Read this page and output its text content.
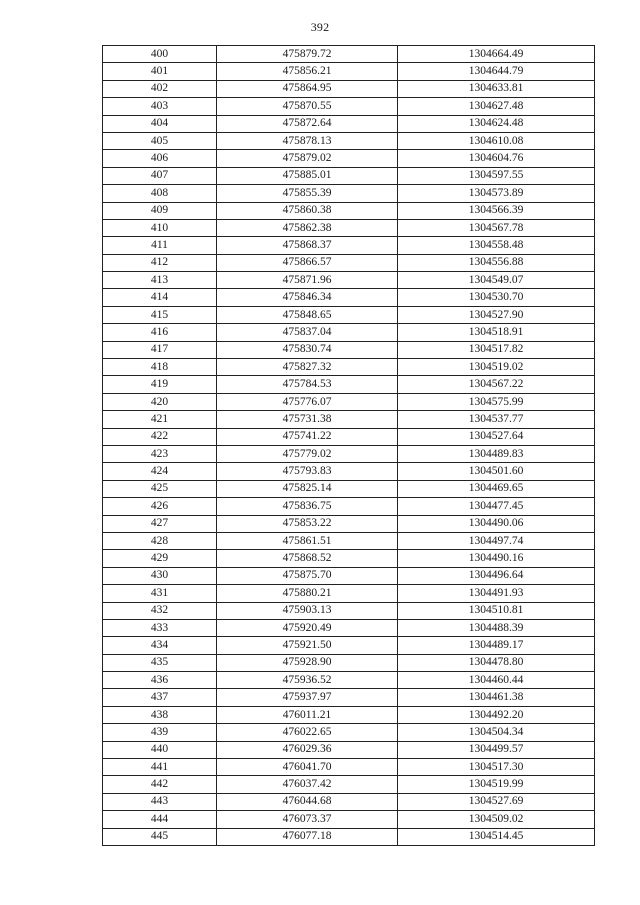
392
400	475879.72	1304664.49
401	475856.21	1304644.79
402	475864.95	1304633.81
403	475870.55	1304627.48
404	475872.64	1304624.48
405	475878.13	1304610.08
406	475879.02	1304604.76
407	475885.01	1304597.55
408	475855.39	1304573.89
409	475860.38	1304566.39
410	475862.38	1304567.78
411	475868.37	1304558.48
412	475866.57	1304556.88
413	475871.96	1304549.07
414	475846.34	1304530.70
415	475848.65	1304527.90
416	475837.04	1304518.91
417	475830.74	1304517.82
418	475827.32	1304519.02
419	475784.53	1304567.22
420	475776.07	1304575.99
421	475731.38	1304537.77
422	475741.22	1304527.64
423	475779.02	1304489.83
424	475793.83	1304501.60
425	475825.14	1304469.65
426	475836.75	1304477.45
427	475853.22	1304490.06
428	475861.51	1304497.74
429	475868.52	1304490.16
430	475875.70	1304496.64
431	475880.21	1304491.93
432	475903.13	1304510.81
433	475920.49	1304488.39
434	475921.50	1304489.17
435	475928.90	1304478.80
436	475936.52	1304460.44
437	475937.97	1304461.38
438	476011.21	1304492.20
439	476022.65	1304504.34
440	476029.36	1304499.57
441	476041.70	1304517.30
442	476037.42	1304519.99
443	476044.68	1304527.69
444	476073.37	1304509.02
445	476077.18	1304514.45
